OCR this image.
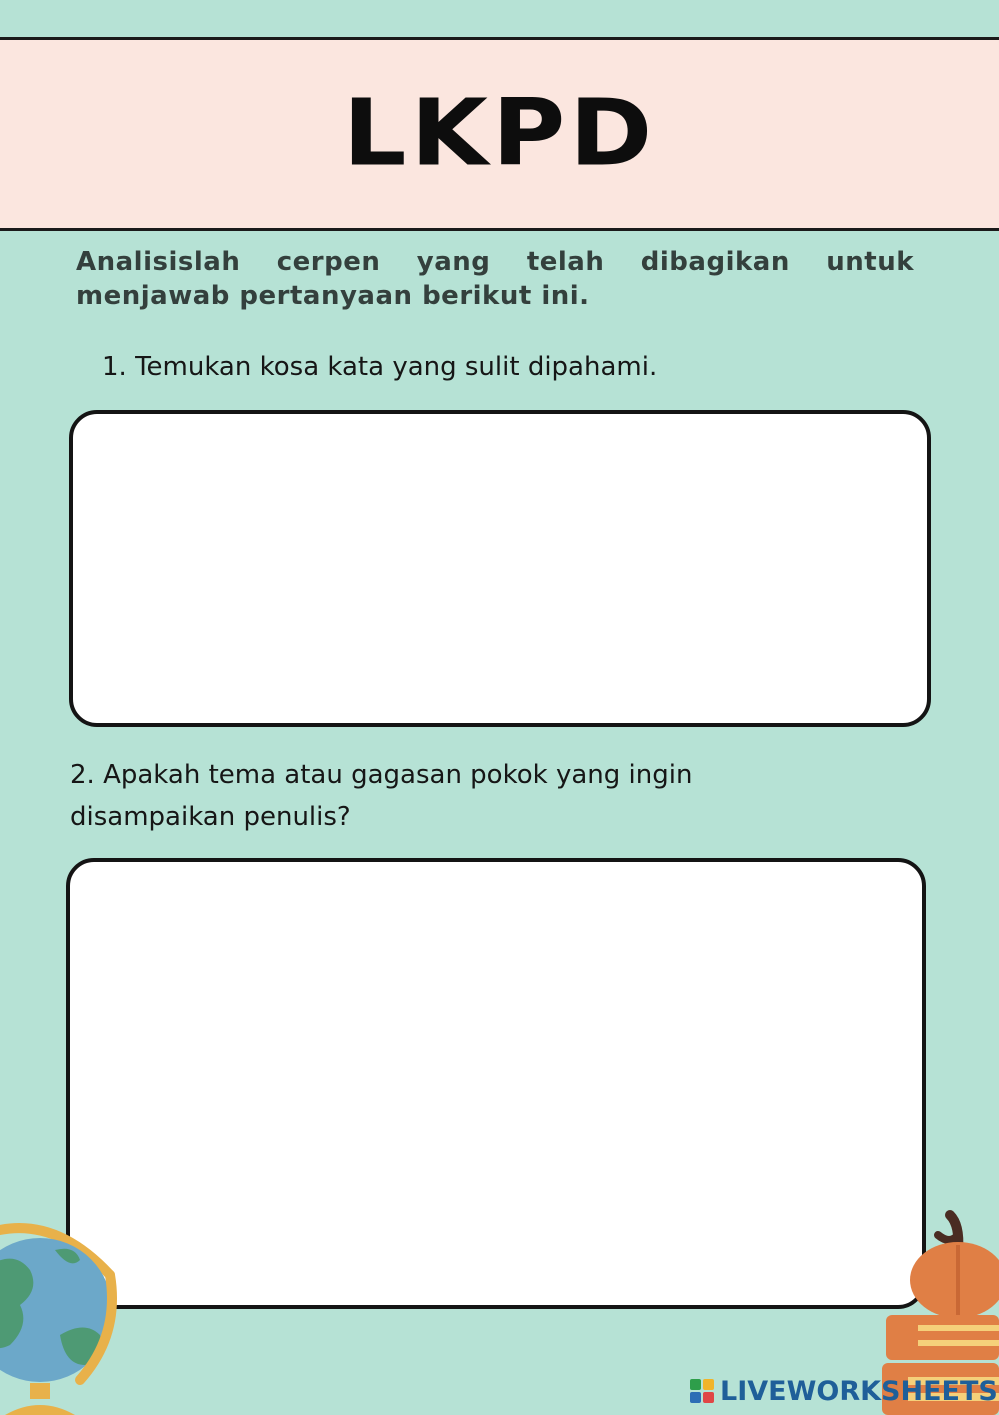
LKPD
Analisislah cerpen yang telah dibagikan untuk menjawab pertanyaan berikut ini.
1. Temukan kosa kata yang sulit dipahami.
2. Apakah tema atau gagasan pokok yang ingin disampaikan penulis?
LIVEWORKSHEETS
